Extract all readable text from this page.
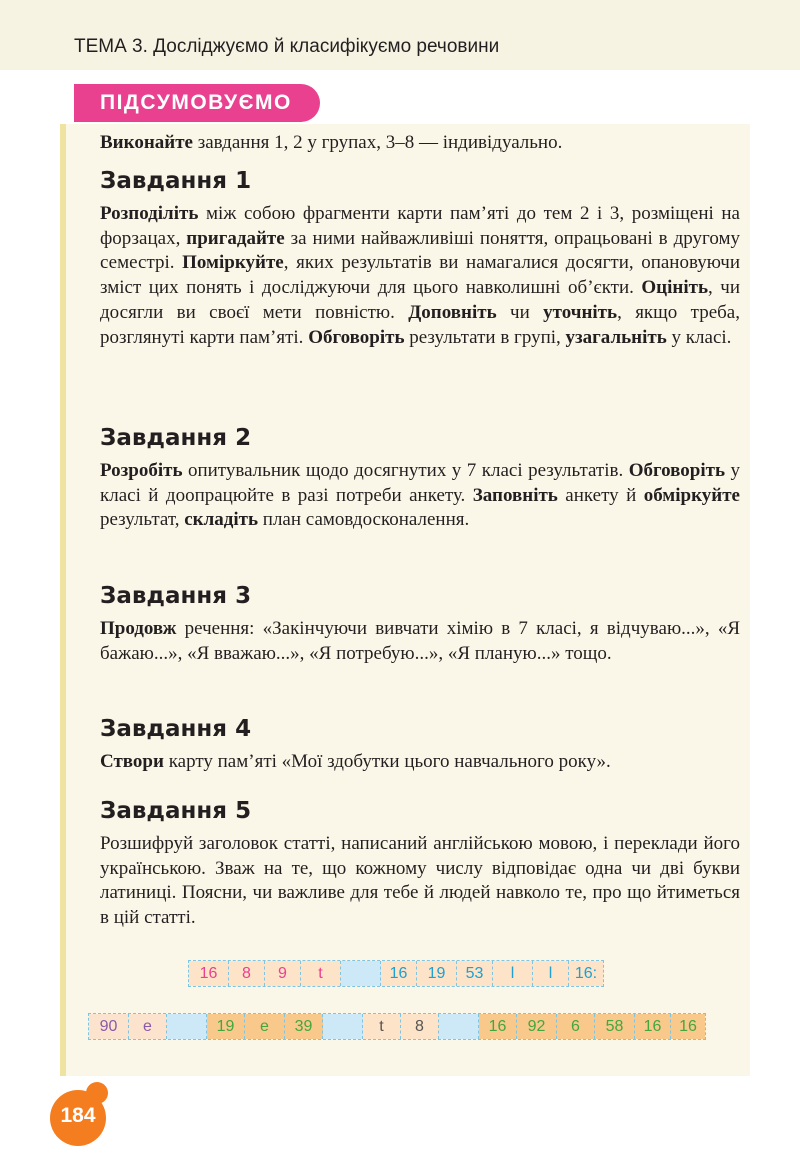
ТЕМА 3. Досліджуємо й класифікуємо речовини
ПІДСУМОВУЄМО

Виконайте завдання 1, 2 у групах, 3–8 — індивідуально.

Завдання 1

Розподіліть між собою фрагменти карти пам’яті до тем 2 і 3, розміщені на форзацах, пригадайте за ними найважливіші поняття, опрацьовані в другому семестрі. Поміркуйте, яких результатів ви намагалися досягти, опановуючи зміст цих понять і досліджуючи для цього навколишні об’єкти. Оцініть, чи досягли ви своєї мети повністю. Доповніть чи уточніть, якщо треба, розглянуті карти пам’яті. Обговоріть результати в групі, узагальніть у класі.

Завдання 2

Розробіть опитувальник щодо досягнутих у 7 класі результатів. Обговоріть у класі й доопрацюйте в разі потреби анкету. Заповніть анкету й обміркуйте результат, складіть план самовдосконалення.

Завдання 3

Продовж речення: «Закінчуючи вивчати хімію в 7 класі, я відчуваю...», «Я бажаю...», «Я вважаю...», «Я потребую...», «Я планую...» тощо.

Завдання 4

Створи карту пам’яті «Мої здобутки цього навчального року».

Завдання 5

Розшифруй заголовок статті, написаний англійською мовою, і переклади його українською. Зваж на те, що кожному числу відповідає одна чи дві букви латиниці. Поясни, чи важливе для тебе й людей навколо те, про що йтиметься в цій статті.

16	8	9	t	16	19	53	l	l	16:
90	e	19	e	39	t	8	16	92	6	58	16	16
184
